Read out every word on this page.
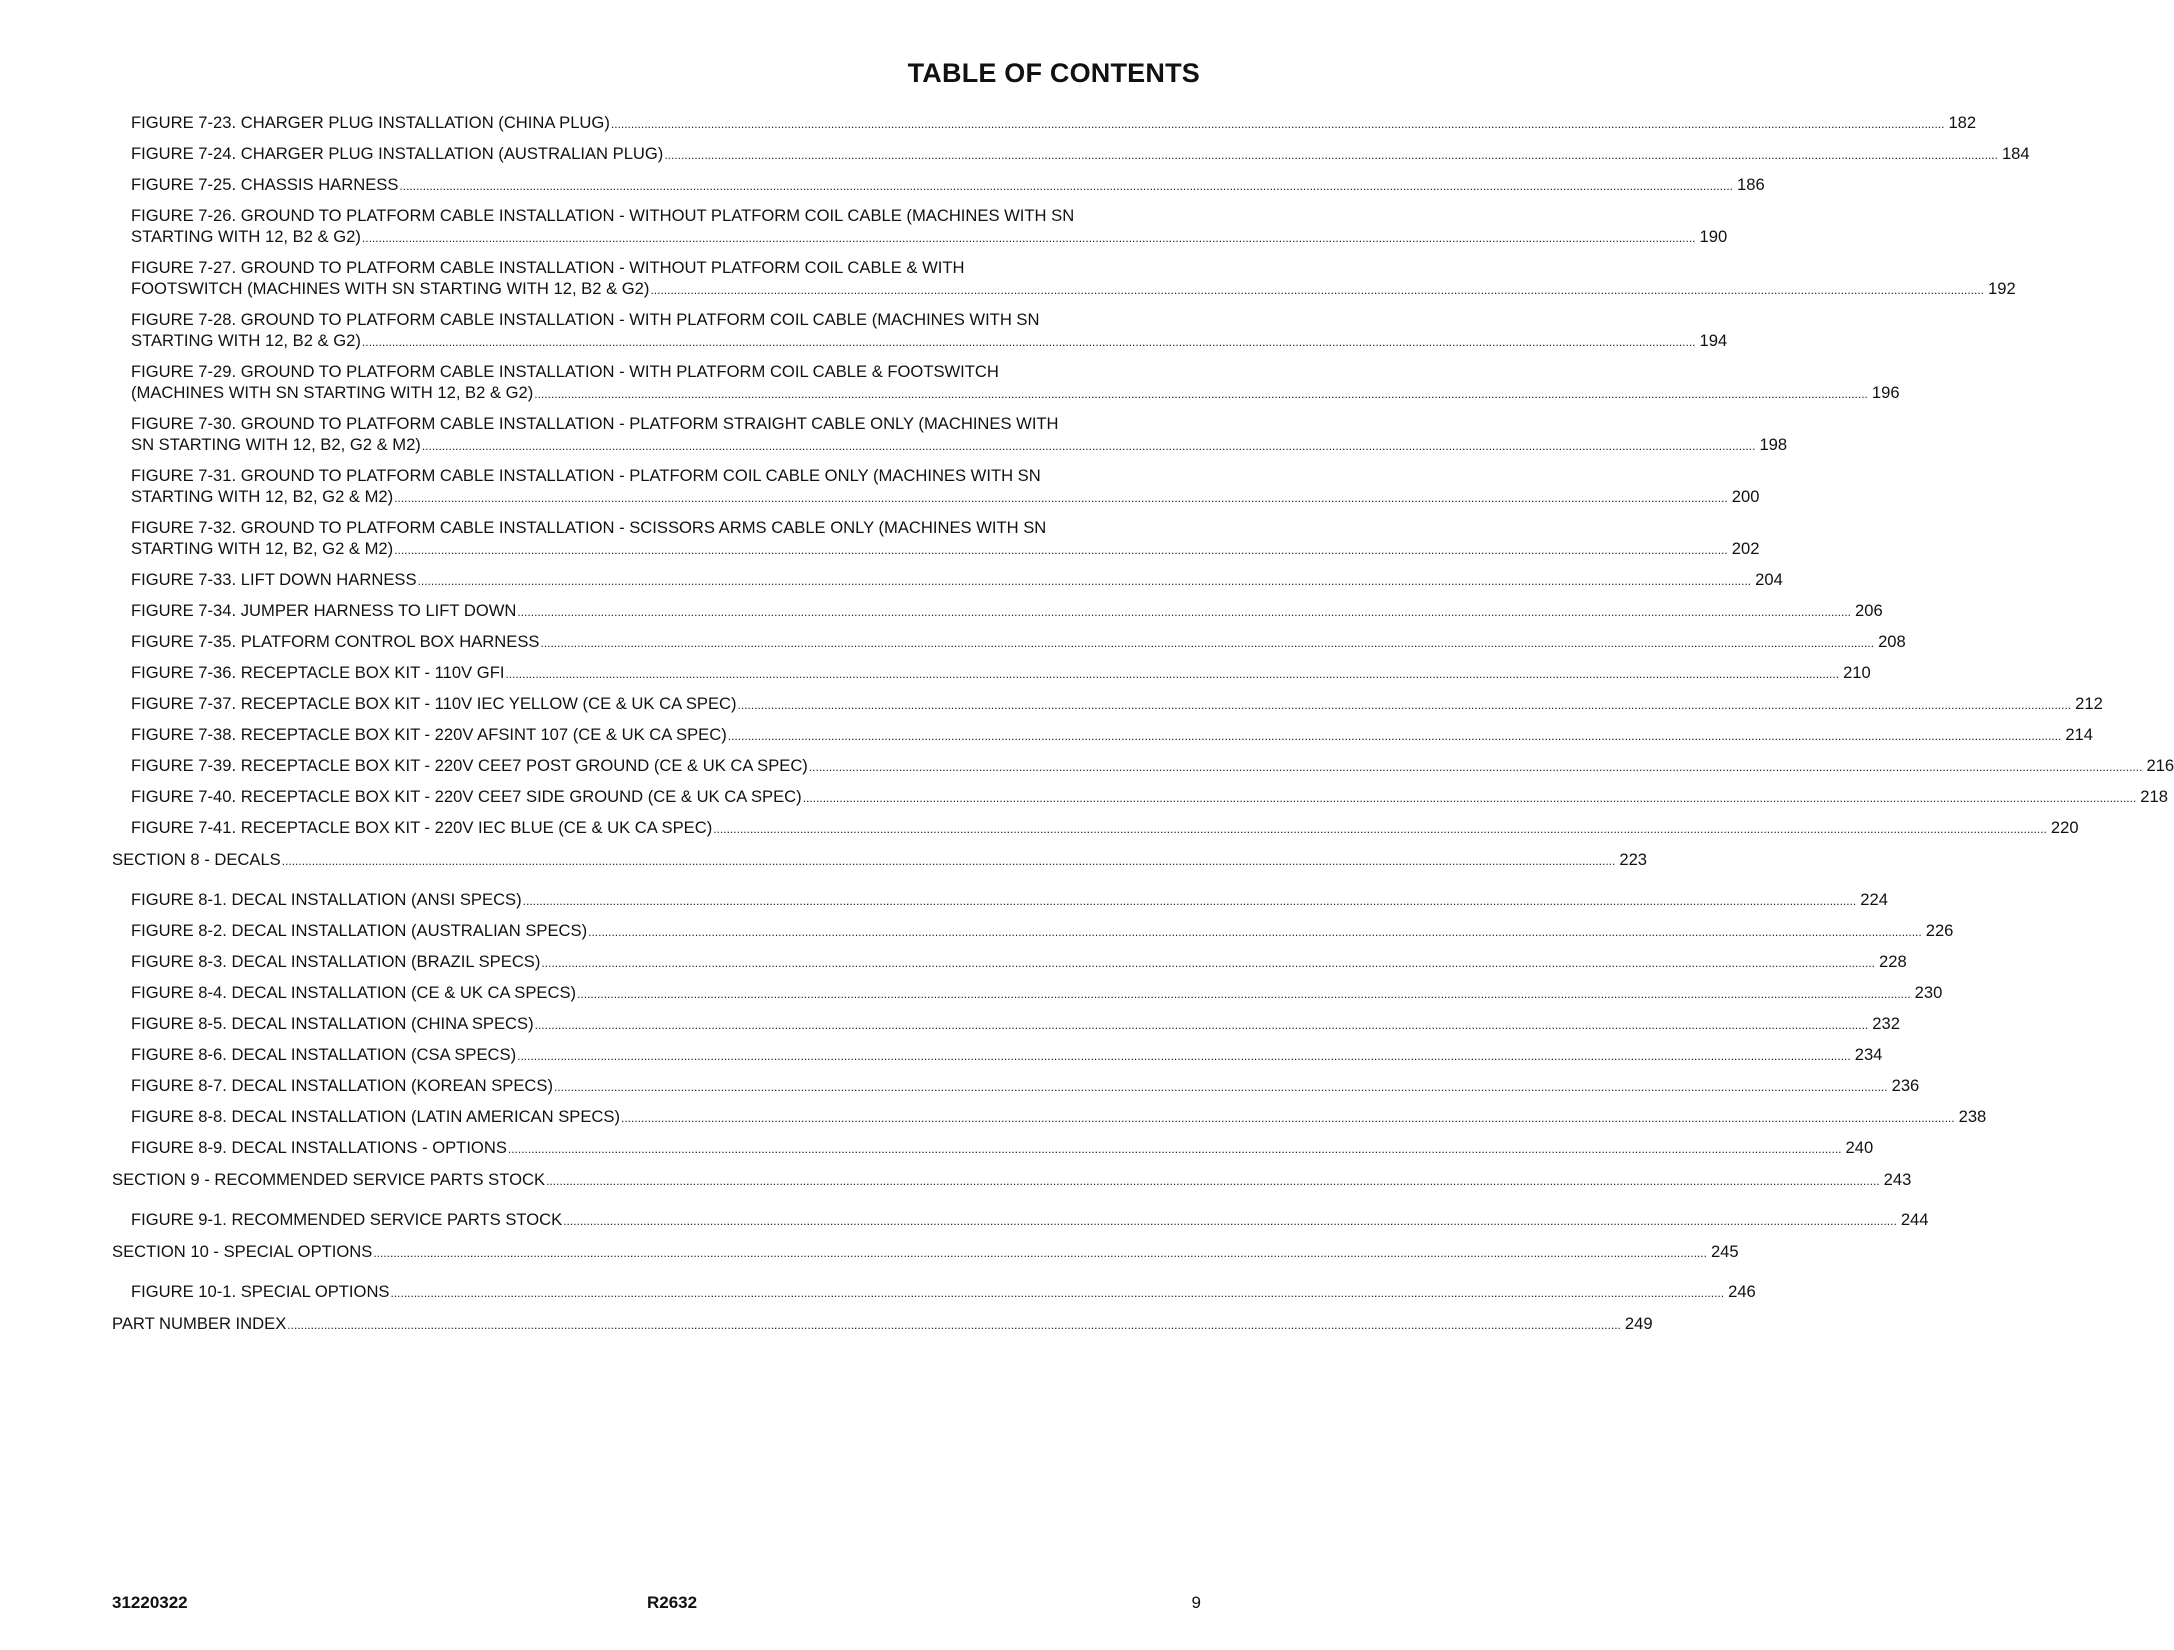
TABLE OF CONTENTS
FIGURE 7-23. CHARGER PLUG INSTALLATION (CHINA PLUG) ................................................................................................................................................................................................................................................................................................................................................................................................................ 182
FIGURE 7-24. CHARGER PLUG INSTALLATION (AUSTRALIAN PLUG) ................................................................................................................................................................................................................................................................................................................................................................................................................ 184
FIGURE 7-25. CHASSIS HARNESS ................................................................................................................................................................................................................................................................................................................................................................................................................ 186
FIGURE 7-26. GROUND TO PLATFORM CABLE INSTALLATION - WITHOUT PLATFORM COIL CABLE (MACHINES WITH SN
STARTING WITH 12, B2 & G2) ................................................................................................................................................................................................................................................................................................................................................................................................................ 190
FIGURE 7-27. GROUND TO PLATFORM CABLE INSTALLATION - WITHOUT PLATFORM COIL CABLE & WITH
FOOTSWITCH (MACHINES WITH SN STARTING WITH 12, B2 & G2) ................................................................................................................................................................................................................................................................................................................................................................................................................ 192
FIGURE 7-28. GROUND TO PLATFORM CABLE INSTALLATION - WITH PLATFORM COIL CABLE (MACHINES WITH SN
STARTING WITH 12, B2 & G2) ................................................................................................................................................................................................................................................................................................................................................................................................................ 194
FIGURE 7-29. GROUND TO PLATFORM CABLE INSTALLATION - WITH PLATFORM COIL CABLE & FOOTSWITCH
(MACHINES WITH SN STARTING WITH 12, B2 & G2) ................................................................................................................................................................................................................................................................................................................................................................................................................ 196
FIGURE 7-30. GROUND TO PLATFORM CABLE INSTALLATION - PLATFORM STRAIGHT CABLE ONLY (MACHINES WITH
SN STARTING WITH 12, B2, G2 & M2) ................................................................................................................................................................................................................................................................................................................................................................................................................ 198
FIGURE 7-31. GROUND TO PLATFORM CABLE INSTALLATION - PLATFORM COIL CABLE ONLY (MACHINES WITH SN
STARTING WITH 12, B2, G2 & M2) ................................................................................................................................................................................................................................................................................................................................................................................................................ 200
FIGURE 7-32. GROUND TO PLATFORM CABLE INSTALLATION - SCISSORS ARMS CABLE ONLY (MACHINES WITH SN
STARTING WITH 12, B2, G2 & M2) ................................................................................................................................................................................................................................................................................................................................................................................................................ 202
FIGURE 7-33. LIFT DOWN HARNESS ................................................................................................................................................................................................................................................................................................................................................................................................................ 204
FIGURE 7-34. JUMPER HARNESS TO LIFT DOWN ................................................................................................................................................................................................................................................................................................................................................................................................................ 206
FIGURE 7-35. PLATFORM CONTROL BOX HARNESS ................................................................................................................................................................................................................................................................................................................................................................................................................ 208
FIGURE 7-36. RECEPTACLE BOX KIT - 110V GFI ................................................................................................................................................................................................................................................................................................................................................................................................................ 210
FIGURE 7-37. RECEPTACLE BOX KIT - 110V IEC YELLOW (CE & UK CA SPEC) ................................................................................................................................................................................................................................................................................................................................................................................................................ 212
FIGURE 7-38. RECEPTACLE BOX KIT - 220V AFSINT 107 (CE & UK CA SPEC) ................................................................................................................................................................................................................................................................................................................................................................................................................ 214
FIGURE 7-39. RECEPTACLE BOX KIT - 220V CEE7 POST GROUND (CE & UK CA SPEC) ................................................................................................................................................................................................................................................................................................................................................................................................................ 216
FIGURE 7-40. RECEPTACLE BOX KIT - 220V CEE7 SIDE GROUND (CE & UK CA SPEC) ................................................................................................................................................................................................................................................................................................................................................................................................................ 218
FIGURE 7-41. RECEPTACLE BOX KIT - 220V IEC BLUE (CE & UK CA SPEC) ................................................................................................................................................................................................................................................................................................................................................................................................................ 220
SECTION 8 - DECALS ................................................................................................................................................................................................................................................................................................................................................................................................................ 223
FIGURE 8-1. DECAL INSTALLATION (ANSI SPECS) ................................................................................................................................................................................................................................................................................................................................................................................................................ 224
FIGURE 8-2. DECAL INSTALLATION (AUSTRALIAN SPECS) ................................................................................................................................................................................................................................................................................................................................................................................................................ 226
FIGURE 8-3. DECAL INSTALLATION (BRAZIL SPECS) ................................................................................................................................................................................................................................................................................................................................................................................................................ 228
FIGURE 8-4. DECAL INSTALLATION (CE & UK CA SPECS) ................................................................................................................................................................................................................................................................................................................................................................................................................ 230
FIGURE 8-5. DECAL INSTALLATION (CHINA SPECS) ................................................................................................................................................................................................................................................................................................................................................................................................................ 232
FIGURE 8-6. DECAL INSTALLATION (CSA SPECS) ................................................................................................................................................................................................................................................................................................................................................................................................................ 234
FIGURE 8-7. DECAL INSTALLATION (KOREAN SPECS) ................................................................................................................................................................................................................................................................................................................................................................................................................ 236
FIGURE 8-8. DECAL INSTALLATION (LATIN AMERICAN SPECS) ................................................................................................................................................................................................................................................................................................................................................................................................................ 238
FIGURE 8-9. DECAL INSTALLATIONS - OPTIONS ................................................................................................................................................................................................................................................................................................................................................................................................................ 240
SECTION 9 - RECOMMENDED SERVICE PARTS STOCK ................................................................................................................................................................................................................................................................................................................................................................................................................ 243
FIGURE 9-1. RECOMMENDED SERVICE PARTS STOCK ................................................................................................................................................................................................................................................................................................................................................................................................................ 244
SECTION 10 - SPECIAL OPTIONS ................................................................................................................................................................................................................................................................................................................................................................................................................ 245
FIGURE 10-1. SPECIAL OPTIONS ................................................................................................................................................................................................................................................................................................................................................................................................................ 246
PART NUMBER INDEX ................................................................................................................................................................................................................................................................................................................................................................................................................ 249
31220322	R2632	9
